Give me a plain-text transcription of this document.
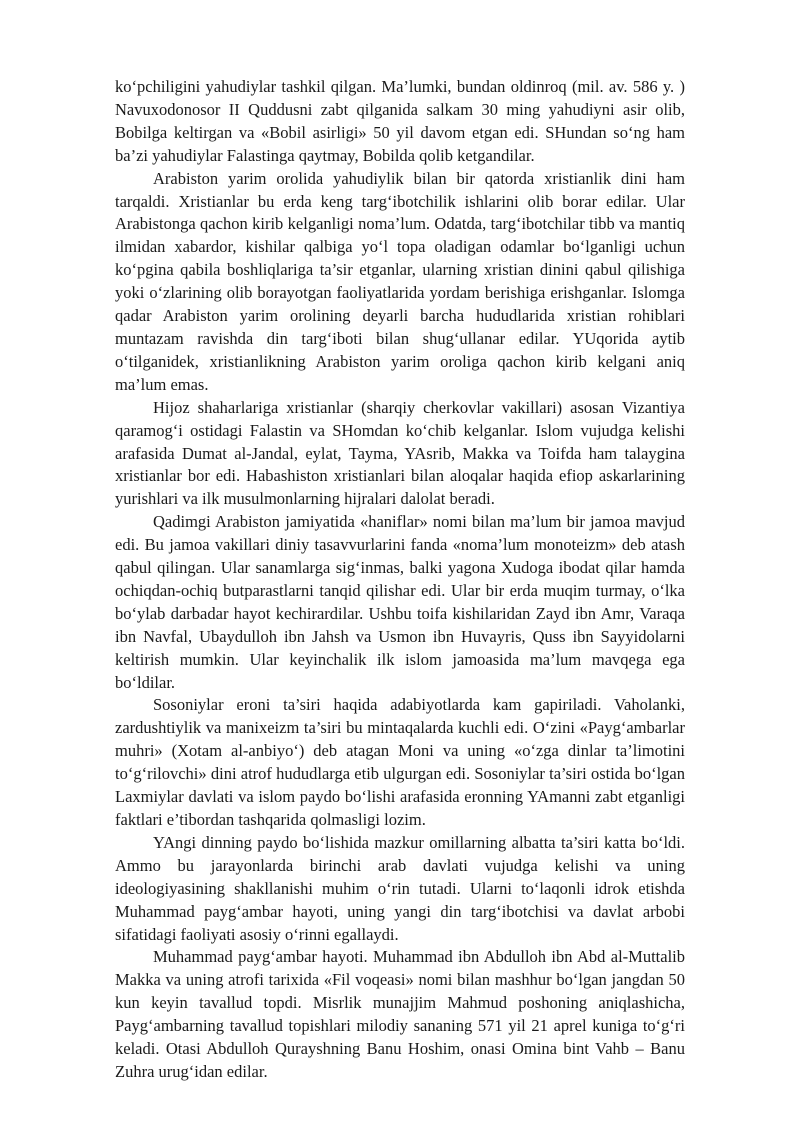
ko‘pchiligini yahudiylar tashkil qilgan. Ma’lumki, bundan oldinroq (mil. av. 586 y. ) Navuxodonosor II Quddusni zabt qilganida salkam 30 ming yahudiyni asir olib, Bobilga keltirgan va «Bobil asirligi» 50 yil davom etgan edi. SHundan so‘ng ham ba’zi yahudiylar Falastinga qaytmay, Bobilda qolib ketgandilar.

Arabiston yarim orolida yahudiylik bilan bir qatorda xristianlik dini ham tarqaldi. Xristianlar bu erda keng targ‘ibotchilik ishlarini olib borar edilar. Ular Arabistonga qachon kirib kelganligi noma’lum. Odatda, targ‘ibotchilar tibb va mantiq ilmidan xabardor, kishilar qalbiga yo‘l topa oladigan odamlar bo‘lganligi uchun ko‘pgina qabila boshliqlariga ta’sir etganlar, ularning xristian dinini qabul qilishiga yoki o‘zlarining olib borayotgan faoliyatlarida yordam berishiga erishganlar. Islomga qadar Arabiston yarim orolining deyarli barcha hududlarida xristian rohiblari muntazam ravishda din targ‘iboti bilan shug‘ullanar edilar. YUqorida aytib o‘tilganidek, xristianlikning Arabiston yarim oroliga qachon kirib kelgani aniq ma’lum emas.

Hijoz shaharlariga xristianlar (sharqiy cherkovlar vakillari) asosan Vizantiya qaramog‘i ostidagi Falastin va SHomdan ko‘chib kelganlar. Islom vujudga kelishi arafasida Dumat al-Jandal, eylat, Tayma, YAsrib, Makka va Toifda ham talaygina xristianlar bor edi. Habashiston xristianlari bilan aloqalar haqida efiop askarlarining yurishlari va ilk musulmonlarning hijralari dalolat beradi.

Qadimgi Arabiston jamiyatida «haniflar» nomi bilan ma’lum bir jamoa mavjud edi. Bu jamoa vakillari diniy tasavvurlarini fanda «noma’lum monoteizm» deb atash qabul qilingan. Ular sanamlarga sig‘inmas, balki yagona Xudoga ibodat qilar hamda ochiqdan-ochiq butparastlarni tanqid qilishar edi. Ular bir erda muqim turmay, o‘lka bo‘ylab darbadar hayot kechirardilar. Ushbu toifa kishilaridan Zayd ibn Amr, Varaqa ibn Navfal, Ubaydulloh ibn Jahsh va Usmon ibn Huvayris, Quss ibn Sayyidolarni keltirish mumkin. Ular keyinchalik ilk islom jamoasida ma’lum mavqega ega bo‘ldilar.

Sosoniylar eroni ta’siri haqida adabiyotlarda kam gapiriladi. Vaholanki, zardushtiylik va manixeizm ta’siri bu mintaqalarda kuchli edi. O‘zini «Payg‘ambarlar muhri» (Xotam al-anbiyo‘) deb atagan Moni va uning «o‘zga dinlar ta’limotini to‘g‘rilovchi» dini atrof hududlarga etib ulgurgan edi. Sosoniylar ta’siri ostida bo‘lgan Laxmiylar davlati va islom paydo bo‘lishi arafasida eronning YAmanni zabt etganligi faktlari e’tibordan tashqarida qolmasligi lozim.

YAngi dinning paydo bo‘lishida mazkur omillarning albatta ta’siri katta bo‘ldi. Ammo bu jarayonlarda birinchi arab davlati vujudga kelishi va uning ideologiyasining shakllanishi muhim o‘rin tutadi. Ularni to‘laqonli idrok etishda Muhammad payg‘ambar hayoti, uning yangi din targ‘ibotchisi va davlat arbobi sifatidagi faoliyati asosiy o‘rinni egallaydi.

Muhammad payg‘ambar hayoti. Muhammad ibn Abdulloh ibn Abd al-Muttalib Makka va uning atrofi tarixida «Fil voqeasi» nomi bilan mashhur bo‘lgan jangdan 50 kun keyin tavallud topdi. Misrlik munajjim Mahmud poshoning aniqlashicha, Payg‘ambarning tavallud topishlari milodiy sananing 571 yil 21 aprel kuniga to‘g‘ri keladi. Otasi Abdulloh Qurayshning Banu Hoshim, onasi Omina bint Vahb – Banu Zuhra urug‘idan edilar.
